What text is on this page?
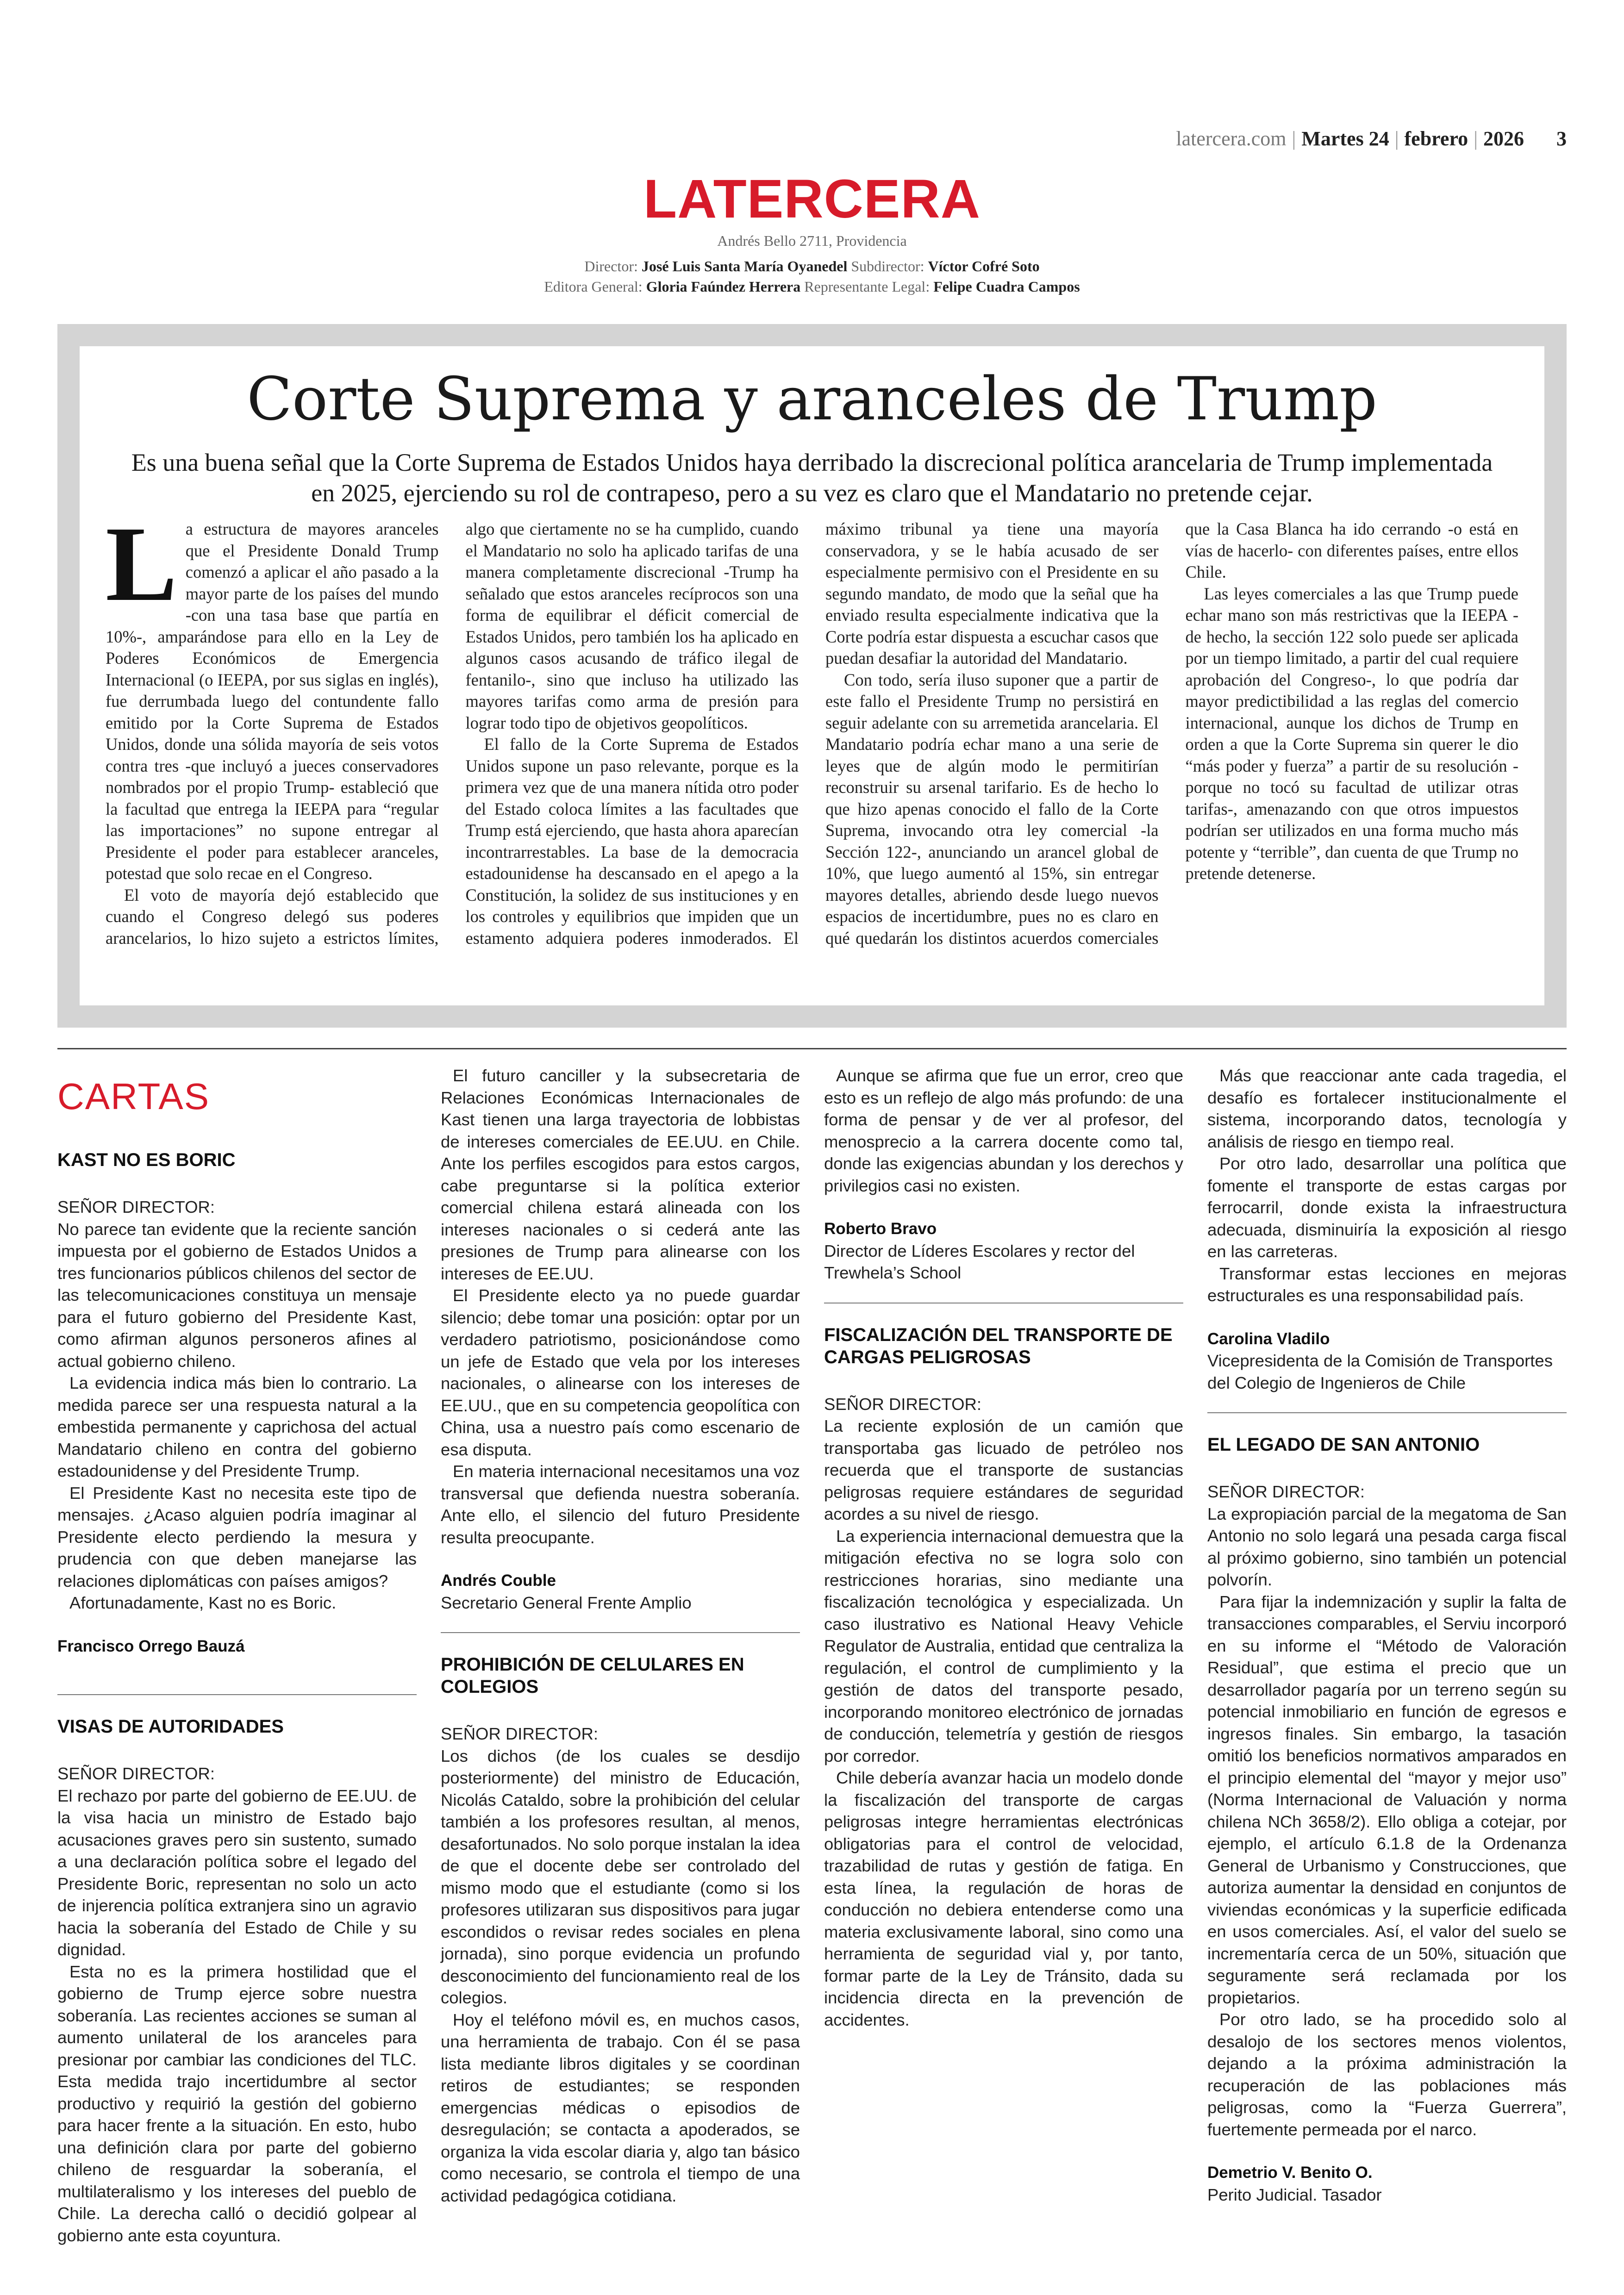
latercera.com | Martes 24 | febrero | 2026 3
LATERCERA
Andrés Bello 2711, Providencia
Director: José Luis Santa María Oyanedel Subdirector: Víctor Cofré Soto
Editora General: Gloria Faúndez Herrera Representante Legal: Felipe Cuadra Campos
Corte Suprema y aranceles de Trump
Es una buena señal que la Corte Suprema de Estados Unidos haya derribado la discrecional política arancelaria de Trump implementada en 2025, ejerciendo su rol de contrapeso, pero a su vez es claro que el Mandatario no pretende cejar.

La estructura de mayores aranceles que el Presidente Donald Trump comenzó a aplicar el año pasado a la mayor parte de los países del mundo -con una tasa base que partía en 10%-, amparándose para ello en la Ley de Poderes Económicos de Emergencia Internacional (o IEEPA, por sus siglas en inglés), fue derrumbada luego del contundente fallo emitido por la Corte Suprema de Estados Unidos, donde una sólida mayoría de seis votos contra tres -que incluyó a jueces conservadores nombrados por el propio Trump- estableció que la facultad que entrega la IEEPA para “regular las importaciones” no supone entregar al Presidente el poder para establecer aranceles, potestad que solo recae en el Congreso.

El voto de mayoría dejó establecido que cuando el Congreso delegó sus poderes arancelarios, lo hizo sujeto a estrictos límites, algo que ciertamente no se ha cumplido, cuando el Mandatario no solo ha aplicado tarifas de una manera completamente discrecional -Trump ha señalado que estos aranceles recíprocos son una forma de equilibrar el déficit comercial de Estados Unidos, pero también los ha aplicado en algunos casos acusando de tráfico ilegal de fentanilo-, sino que incluso ha utilizado las mayores tarifas como arma de presión para lograr todo tipo de objetivos geopolíticos.

El fallo de la Corte Suprema de Estados Unidos supone un paso relevante, porque es la primera vez que de una manera nítida otro poder del Estado coloca límites a las facultades que Trump está ejerciendo, que hasta ahora aparecían incontrarrestables. La base de la democracia estadounidense ha descansado en el apego a la Constitución, la solidez de sus instituciones y en los controles y equilibrios que impiden que un estamento adquiera poderes inmoderados. El máximo tribunal ya tiene una mayoría conservadora, y se le había acusado de ser especialmente permisivo con el Presidente en su segundo mandato, de modo que la señal que ha enviado resulta especialmente indicativa que la Corte podría estar dispuesta a escuchar casos que puedan desafiar la autoridad del Mandatario.

Con todo, sería iluso suponer que a partir de este fallo el Presidente Trump no persistirá en seguir adelante con su arremetida arancelaria. El Mandatario podría echar mano a una serie de leyes que de algún modo le permitirían reconstruir su arsenal tarifario. Es de hecho lo que hizo apenas conocido el fallo de la Corte Suprema, invocando otra ley comercial -la Sección 122-, anunciando un arancel global de 10%, que luego aumentó al 15%, sin entregar mayores detalles, abriendo desde luego nuevos espacios de incertidumbre, pues no es claro en qué quedarán los distintos acuerdos comerciales que la Casa Blanca ha ido cerrando -o está en vías de hacerlo- con diferentes países, entre ellos Chile.

Las leyes comerciales a las que Trump puede echar mano son más restrictivas que la IEEPA -de hecho, la sección 122 solo puede ser aplicada por un tiempo limitado, a partir del cual requiere aprobación del Congreso-, lo que podría dar mayor predictibilidad a las reglas del comercio internacional, aunque los dichos de Trump en orden a que la Corte Suprema sin querer le dio “más poder y fuerza” a partir de su resolución -porque no tocó su facultad de utilizar otras tarifas-, amenazando con que otros impuestos podrían ser utilizados en una forma mucho más potente y “terrible”, dan cuenta de que Trump no pretende detenerse.

CARTAS
KAST NO ES BORIC

SEÑOR DIRECTOR:

No parece tan evidente que la reciente sanción impuesta por el gobierno de Estados Unidos a tres funcionarios públicos chilenos del sector de las telecomunicaciones constituya un mensaje para el futuro gobierno del Presidente Kast, como afirman algunos personeros afines al actual gobierno chileno.

La evidencia indica más bien lo contrario. La medida parece ser una respuesta natural a la embestida permanente y caprichosa del actual Mandatario chileno en contra del gobierno estadounidense y del Presidente Trump.

El Presidente Kast no necesita este tipo de mensajes. ¿Acaso alguien podría imaginar al Presidente electo perdiendo la mesura y prudencia con que deben manejarse las relaciones diplomáticas con países amigos?

Afortunadamente, Kast no es Boric.

Francisco Orrego Bauzá
VISAS DE AUTORIDADES

SEÑOR DIRECTOR:

El rechazo por parte del gobierno de EE.UU. de la visa hacia un ministro de Estado bajo acusaciones graves pero sin sustento, sumado a una declaración política sobre el legado del Presidente Boric, representan no solo un acto de injerencia política extranjera sino un agravio hacia la soberanía del Estado de Chile y su dignidad.

Esta no es la primera hostilidad que el gobierno de Trump ejerce sobre nuestra soberanía. Las recientes acciones se suman al aumento unilateral de los aranceles para presionar por cambiar las condiciones del TLC. Esta medida trajo incertidumbre al sector productivo y requirió la gestión del gobierno para hacer frente a la situación. En esto, hubo una definición clara por parte del gobierno chileno de resguardar la soberanía, el multilateralismo y los intereses del pueblo de Chile. La derecha calló o decidió golpear al gobierno ante esta coyuntura.

El futuro canciller y la subsecretaria de Relaciones Económicas Internacionales de Kast tienen una larga trayectoria de lobbistas de intereses comerciales de EE.UU. en Chile. Ante los perfiles escogidos para estos cargos, cabe preguntarse si la política exterior comercial chilena estará alineada con los intereses nacionales o si cederá ante las presiones de Trump para alinearse con los intereses de EE.UU.

El Presidente electo ya no puede guardar silencio; debe tomar una posición: optar por un verdadero patriotismo, posicionándose como un jefe de Estado que vela por los intereses nacionales, o alinearse con los intereses de EE.UU., que en su competencia geopolítica con China, usa a nuestro país como escenario de esa disputa.

En materia internacional necesitamos una voz transversal que defienda nuestra soberanía. Ante ello, el silencio del futuro Presidente resulta preocupante.

Andrés Couble

Secretario General Frente Amplio

PROHIBICIÓN DE CELULARES EN COLEGIOS

SEÑOR DIRECTOR:

Los dichos (de los cuales se desdijo posteriormente) del ministro de Educación, Nicolás Cataldo, sobre la prohibición del celular también a los profesores resultan, al menos, desafortunados. No solo porque instalan la idea de que el docente debe ser controlado del mismo modo que el estudiante (como si los profesores utilizaran sus dispositivos para jugar escondidos o revisar redes sociales en plena jornada), sino porque evidencia un profundo desconocimiento del funcionamiento real de los colegios.

Hoy el teléfono móvil es, en muchos casos, una herramienta de trabajo. Con él se pasa lista mediante libros digitales y se coordinan retiros de estudiantes; se responden emergencias médicas o episodios de desregulación; se contacta a apoderados, se organiza la vida escolar diaria y, algo tan básico como necesario, se controla el tiempo de una actividad pedagógica cotidiana.

Aunque se afirma que fue un error, creo que esto es un reflejo de algo más profundo: de una forma de pensar y de ver al profesor, del menosprecio a la carrera docente como tal, donde las exigencias abundan y los derechos y privilegios casi no existen.

Roberto Bravo

Director de Líderes Escolares y rector del Trewhela’s School

FISCALIZACIÓN DEL TRANSPORTE DE CARGAS PELIGROSAS

SEÑOR DIRECTOR:

La reciente explosión de un camión que transportaba gas licuado de petróleo nos recuerda que el transporte de sustancias peligrosas requiere estándares de seguridad acordes a su nivel de riesgo.

La experiencia internacional demuestra que la mitigación efectiva no se logra solo con restricciones horarias, sino mediante una fiscalización tecnológica y especializada. Un caso ilustrativo es National Heavy Vehicle Regulator de Australia, entidad que centraliza la regulación, el control de cumplimiento y la gestión de datos del transporte pesado, incorporando monitoreo electrónico de jornadas de conducción, telemetría y gestión de riesgos por corredor.

Chile debería avanzar hacia un modelo donde la fiscalización del transporte de cargas peligrosas integre herramientas electrónicas obligatorias para el control de velocidad, trazabilidad de rutas y gestión de fatiga. En esta línea, la regulación de horas de conducción no debiera entenderse como una materia exclusivamente laboral, sino como una herramienta de seguridad vial y, por tanto, formar parte de la Ley de Tránsito, dada su incidencia directa en la prevención de accidentes.

Más que reaccionar ante cada tragedia, el desafío es fortalecer institucionalmente el sistema, incorporando datos, tecnología y análisis de riesgo en tiempo real.

Por otro lado, desarrollar una política que fomente el transporte de estas cargas por ferrocarril, donde exista la infraestructura adecuada, disminuiría la exposición al riesgo en las carreteras.

Transformar estas lecciones en mejoras estructurales es una responsabilidad país.

Carolina Vladilo

Vicepresidenta de la Comisión de Transportes del Colegio de Ingenieros de Chile

EL LEGADO DE SAN ANTONIO

SEÑOR DIRECTOR:

La expropiación parcial de la megatoma de San Antonio no solo legará una pesada carga fiscal al próximo gobierno, sino también un potencial polvorín.

Para fijar la indemnización y suplir la falta de transacciones comparables, el Serviu incorporó en su informe el “Método de Valoración Residual”, que estima el precio que un desarrollador pagaría por un terreno según su potencial inmobiliario en función de egresos e ingresos finales. Sin embargo, la tasación omitió los beneficios normativos amparados en el principio elemental del “mayor y mejor uso” (Norma Internacional de Valuación y norma chilena NCh 3658/2). Ello obliga a cotejar, por ejemplo, el artículo 6.1.8 de la Ordenanza General de Urbanismo y Construcciones, que autoriza aumentar la densidad en conjuntos de viviendas económicas y la superficie edificada en usos comerciales. Así, el valor del suelo se incrementaría cerca de un 50%, situación que seguramente será reclamada por los propietarios.

Por otro lado, se ha procedido solo al desalojo de los sectores menos violentos, dejando a la próxima administración la recuperación de las poblaciones más peligrosas, como la “Fuerza Guerrera”, fuertemente permeada por el narco.

Demetrio V. Benito O.

Perito Judicial. Tasador
